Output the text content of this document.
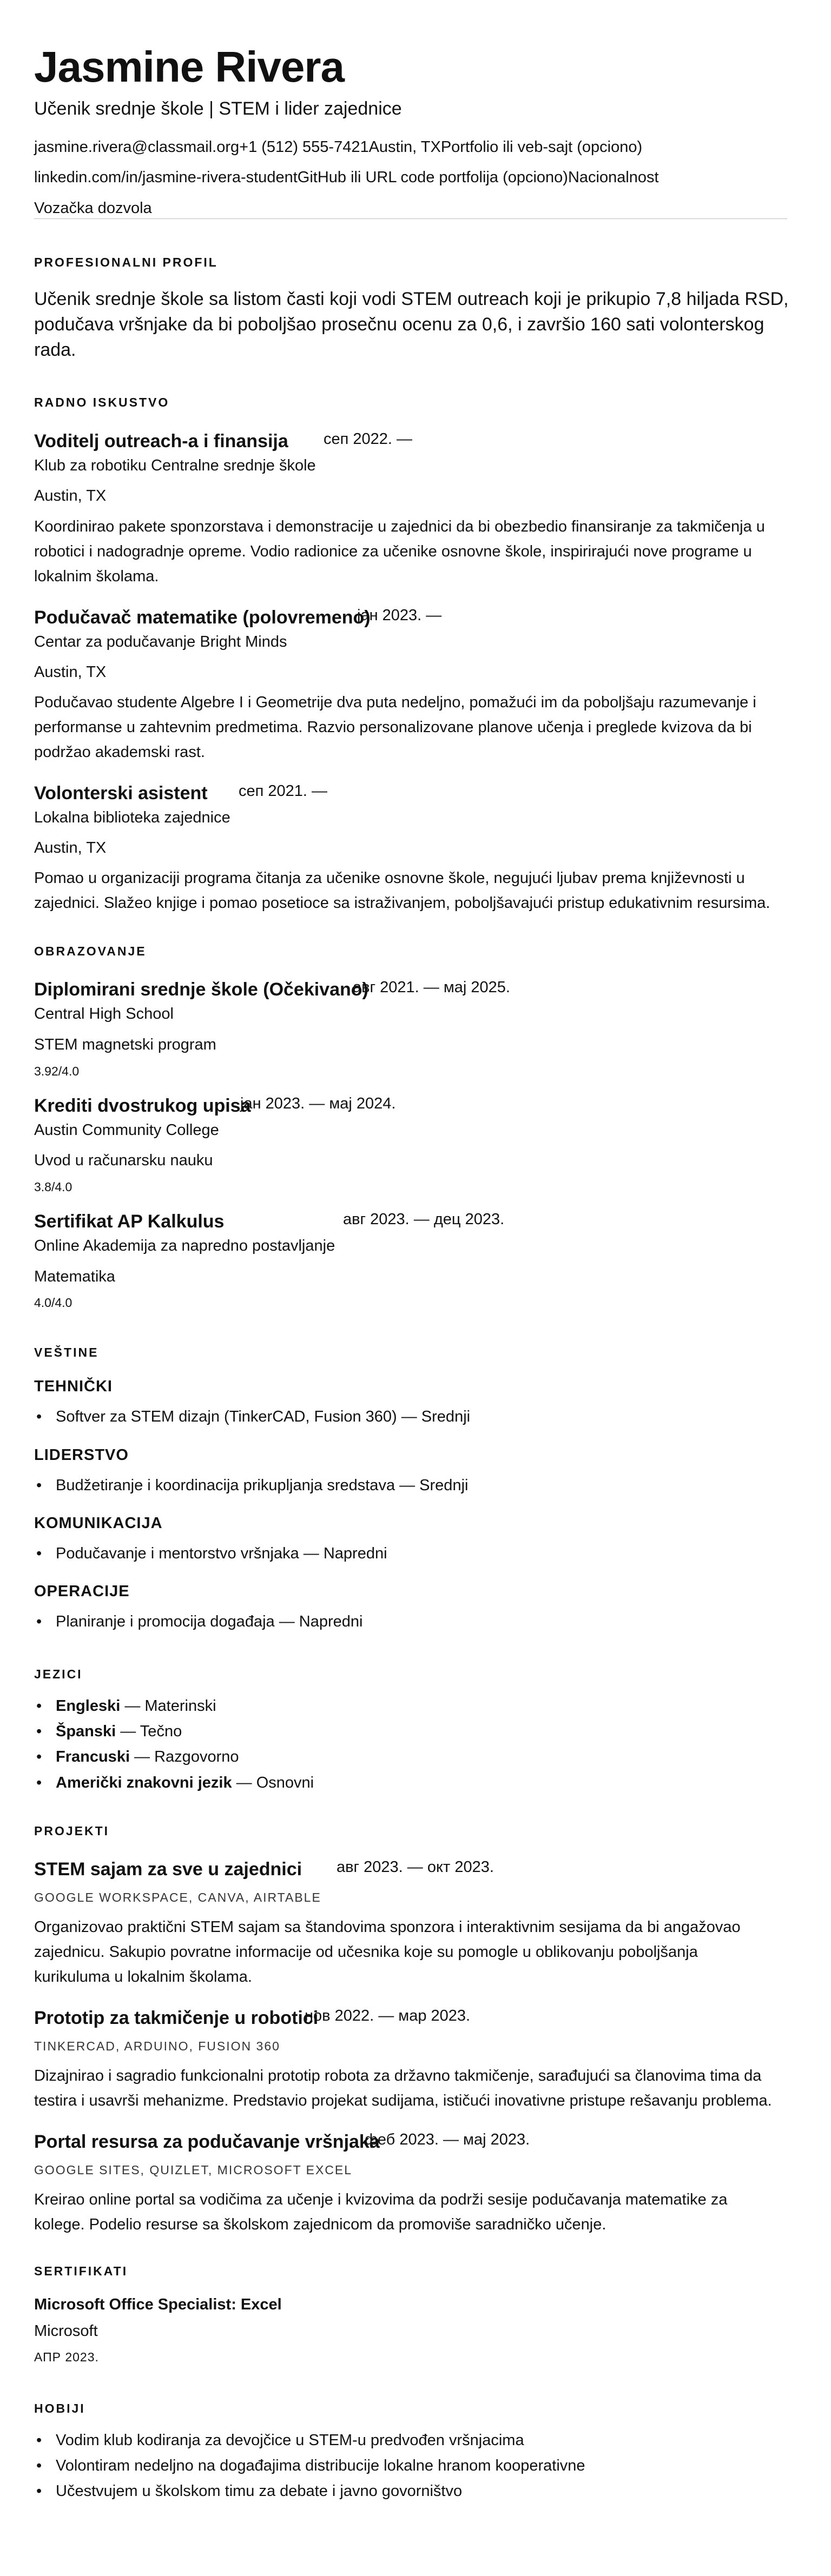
Jasmine Rivera
Učenik srednje škole | STEM i lider zajednice
jasmine.rivera@classmail.org+1 (512) 555-7421Austin, TXPortfolio ili veb-sajt (opciono)
linkedin.com/in/jasmine-rivera-studentGitHub ili URL code portfolija (opciono)Nacionalnost
Vozačka dozvola
PROFESIONALNI PROFIL
Učenik srednje škole sa listom časti koji vodi STEM outreach koji je prikupio 7,8 hiljada RSD,
podučava vršnjake da bi poboljšao prosečnu ocenu za 0,6, i završio 160 sati volonterskog
rada.
RADNO ISKUSTVO
Voditelj outreach-a i finansija сеп 2022. —
Klub za robotiku Centralne srednje škole
Austin, TX
Koordinirao pakete sponzorstava i demonstracije u zajednici da bi obezbedio finansiranje za takmičenja u
robotici i nadogradnje opreme. Vodio radionice za učenike osnovne škole, inspirirajući nove programe u
lokalnim školama.
Podučavač matematike (polovremeno)
јан 2023. —
Centar za podučavanje Bright Minds
Austin, TX
Podučavao studente Algebre I i Geometrije dva puta nedeljno, pomažući im da poboljšaju razumevanje i
performanse u zahtevnim predmetima. Razvio personalizovane planove učenja i preglede kvizova da bi
podržao akademski rast.
Volonterski asistent сеп 2021. —
Lokalna biblioteka zajednice
Austin, TX
Pomao u organizaciji programa čitanja za učenike osnovne škole, negujući ljubav prema književnosti u
zajednici. Slažeo knjige i pomao posetioce sa istraživanjem, poboljšavajući pristup edukativnim resursima.
OBRAZOVANJE
Diplomirani srednje škole (Očekivano)
авг 2021. — мај 2025.
Central High School
STEM magnetski program
3.92/4.0
Krediti dvostrukog upisa
јан 2023. — мај 2024.
Austin Community College
Uvod u računarsku nauku
3.8/4.0
Sertifikat AP Kalkulus	авг 2023. — дец 2023.
Online Akademija za napredno postavljanje
Matematika
4.0/4.0
VEŠTINE
TEHNIČKI
• Softver za STEM dizajn (TinkerCAD, Fusion 360) — Srednji
LIDERSTVO
• Budžetiranje i koordinacija prikupljanja sredstava — Srednji
KOMUNIKACIJA
• Podučavanje i mentorstvo vršnjaka — Napredni
OPERACIJE
• Planiranje i promocija događaja — Napredni
JEZICI
• Engleski — Materinski
• Španski — Tečno
• Francuski — Razgovorno
• Američki znakovni jezik — Osnovni
PROJEKTI
STEM sajam za sve u zajednici авг 2023. — окт 2023.
GOOGLE WORKSPACE, CANVA, AIRTABLE
Organizovao praktični STEM sajam sa štandovima sponzora i interaktivnim sesijama da bi angažovao
zajednicu. Sakupio povratne informacije od učesnika koje su pomogle u oblikovanju poboljšanja
kurikuluma u lokalnim školama.
Prototip za takmičenje u robotici
нов 2022. — мар 2023.
TINKERCAD, ARDUINO, FUSION 360
Dizajnirao i sagradio funkcionalni prototip robota za državno takmičenje, sarađujući sa članovima tima da
testira i usavrši mehanizme. Predstavio projekat sudijama, ističući inovativne pristupe rešavanju problema.
Portal resursa za podučavanje vršnjaka
феб 2023. — мај 2023.
GOOGLE SITES, QUIZLET, MICROSOFT EXCEL
Kreirao online portal sa vodičima za učenje i kvizovima da podrži sesije podučavanja matematike za
kolege. Podelio resurse sa školskom zajednicom da promoviše saradničko učenje.
SERTIFIKATI
Microsoft Office Specialist: Excel
Microsoft
АПР 2023.
HOBIJI
• Vodim klub kodiranja za devojčice u STEM-u predvođen vršnjacima
• Volontiram nedeljno na događajima distribucije lokalne hranom kooperativne
• Učestvujem u školskom timu za debate i javno govorništvo
